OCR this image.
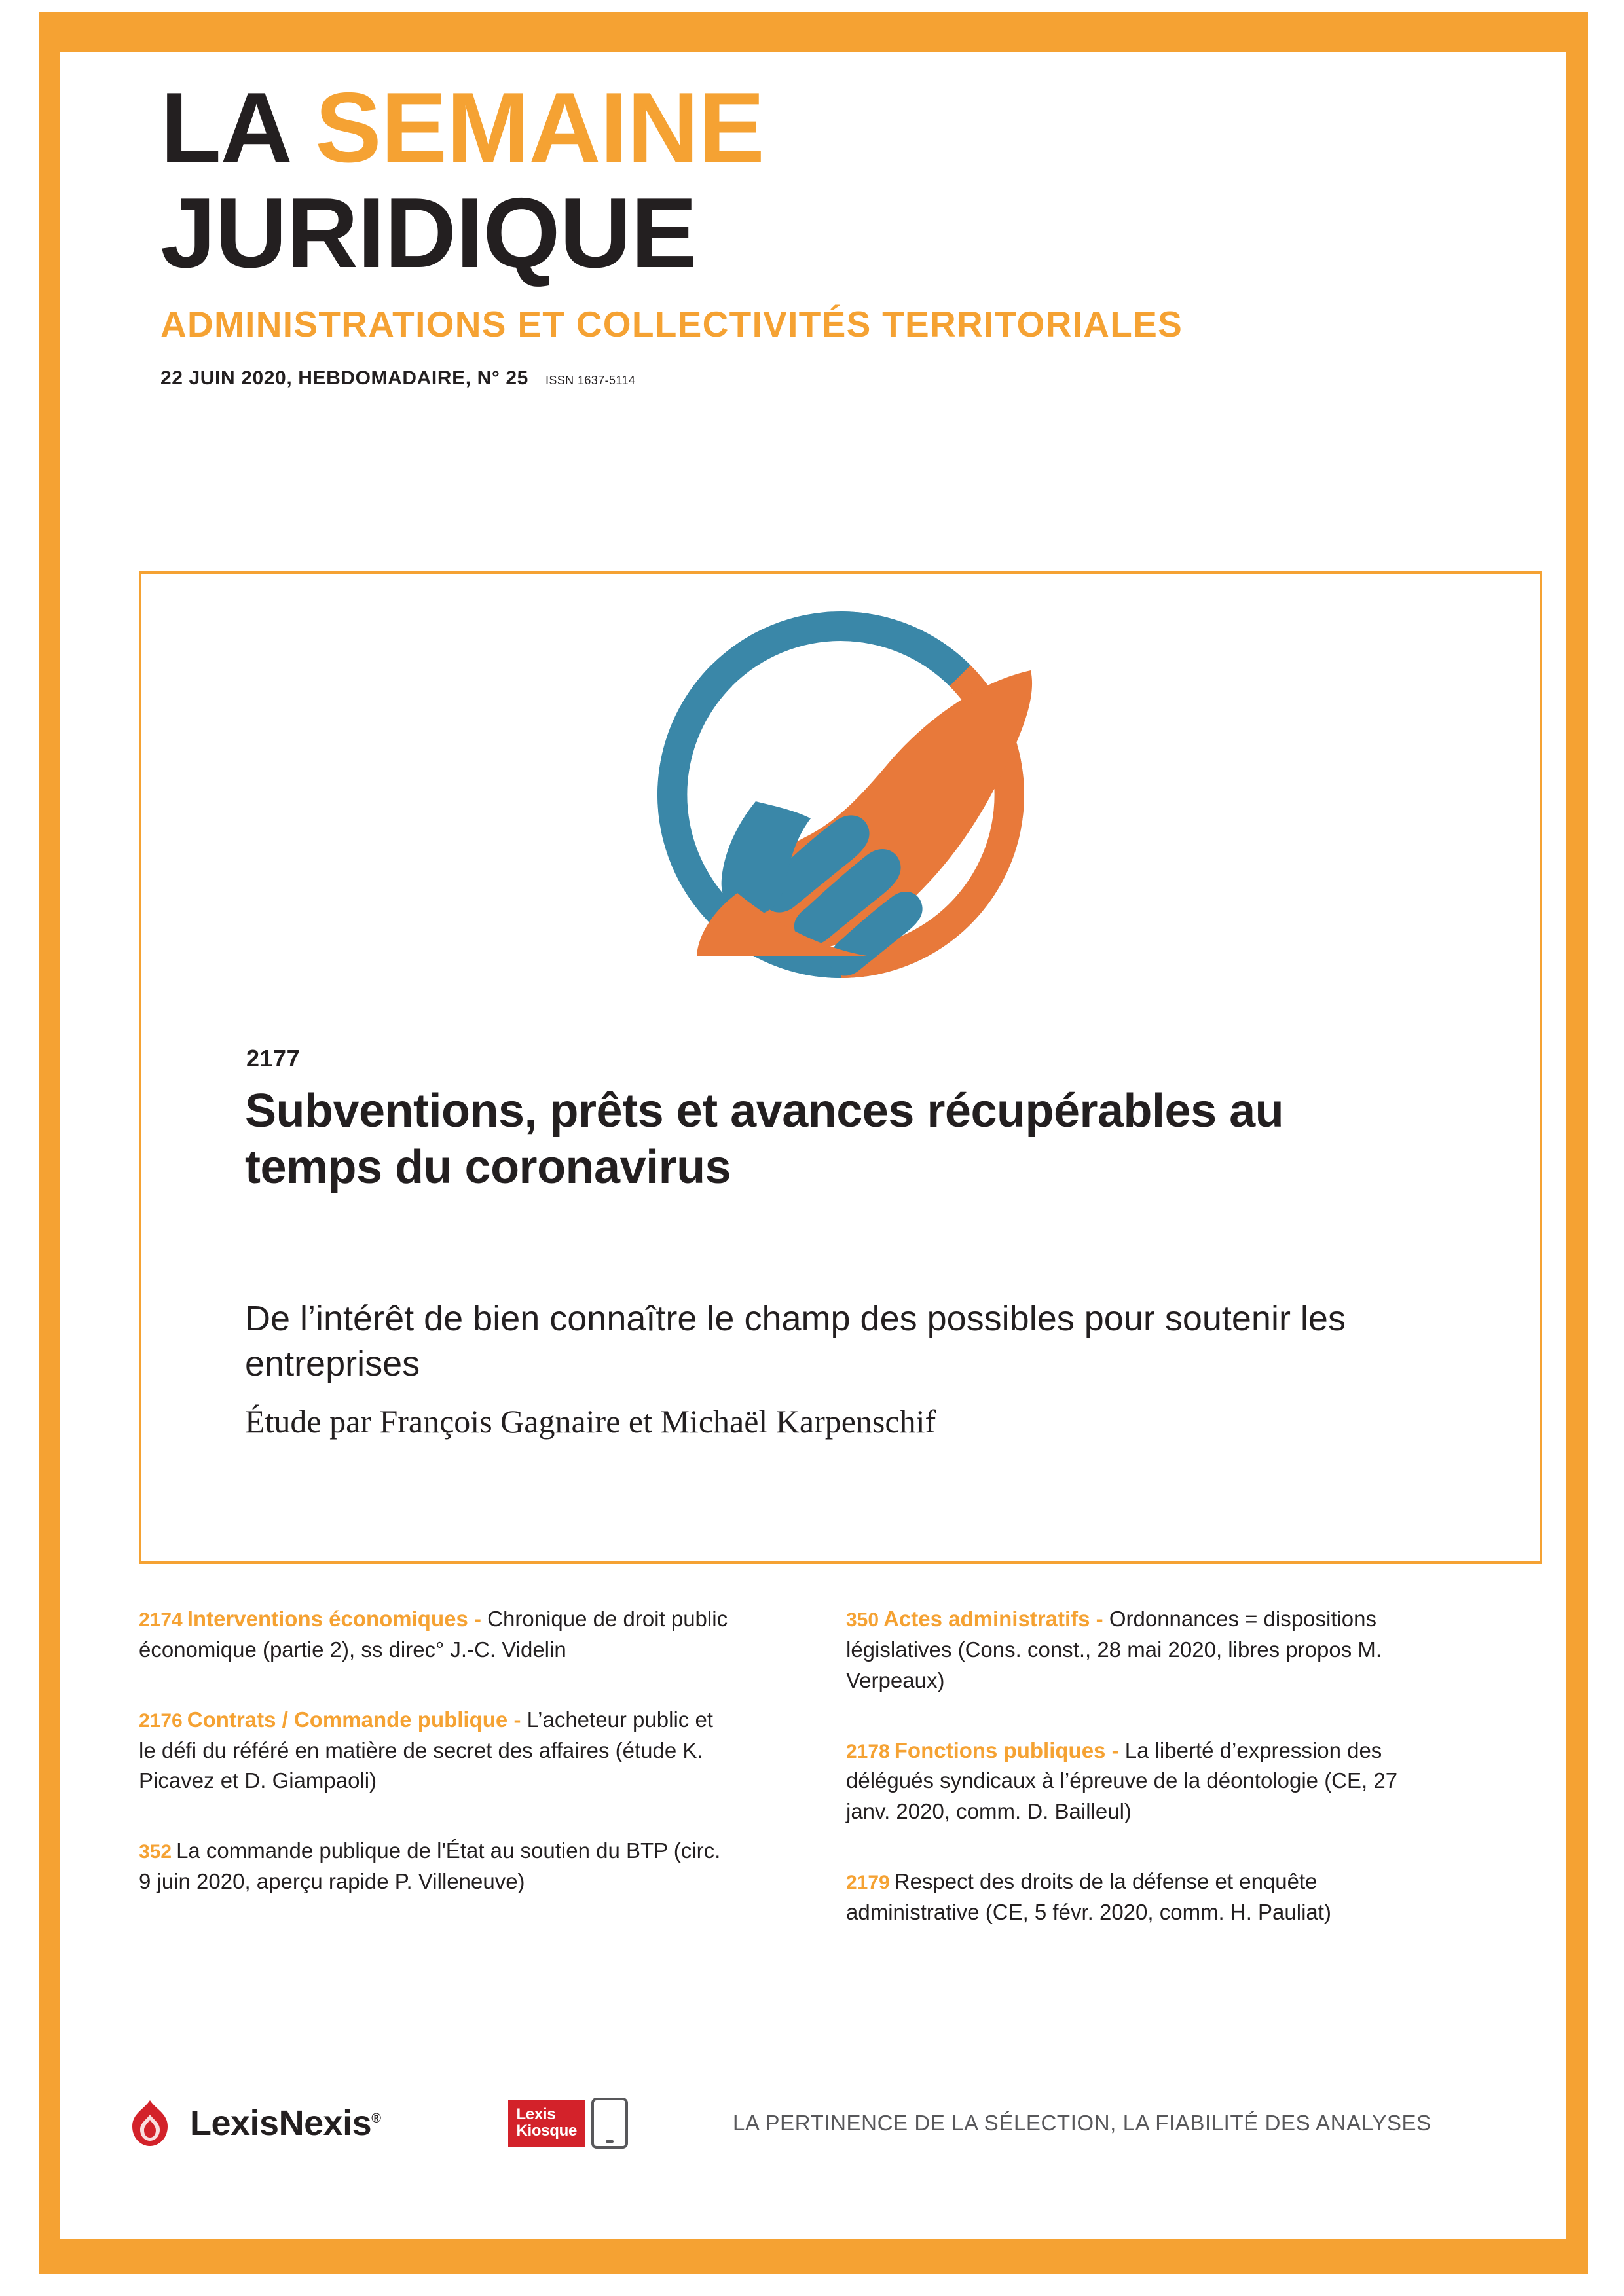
LA SEMAINE
JURIDIQUE
ADMINISTRATIONS ET COLLECTIVITÉS TERRITORIALES
22 JUIN 2020, HEBDOMADAIRE, N° 25 ISSN 1637-5114
2177
Subventions, prêts et avances récupérables au temps du coronavirus
De l’intérêt de bien connaître le champ des possibles pour soutenir les entreprises
Étude par François Gagnaire et Michaël Karpenschif
2174 Interventions économiques - Chronique de droit public économique (partie 2), ss direc° J.-C. Videlin
2176 Contrats / Commande publique - L’acheteur public et le défi du référé en matière de secret des affaires (étude K. Picavez et D. Giampaoli)
352 La commande publique de l'État au soutien du BTP (circ. 9 juin 2020, aperçu rapide P. Villeneuve)
350 Actes administratifs - Ordonnances = dispositions législatives (Cons. const., 28 mai 2020, libres propos M. Verpeaux)
2178 Fonctions publiques - La liberté d’expression des délégués syndicaux à l’épreuve de la déontologie (CE, 27 janv. 2020, comm. D. Bailleul)
2179 Respect des droits de la défense et enquête administrative (CE, 5 févr. 2020, comm. H. Pauliat)
LexisNexis®	Lexis
Kiosque	LA PERTINENCE DE LA SÉLECTION, LA FIABILITÉ DES ANALYSES
